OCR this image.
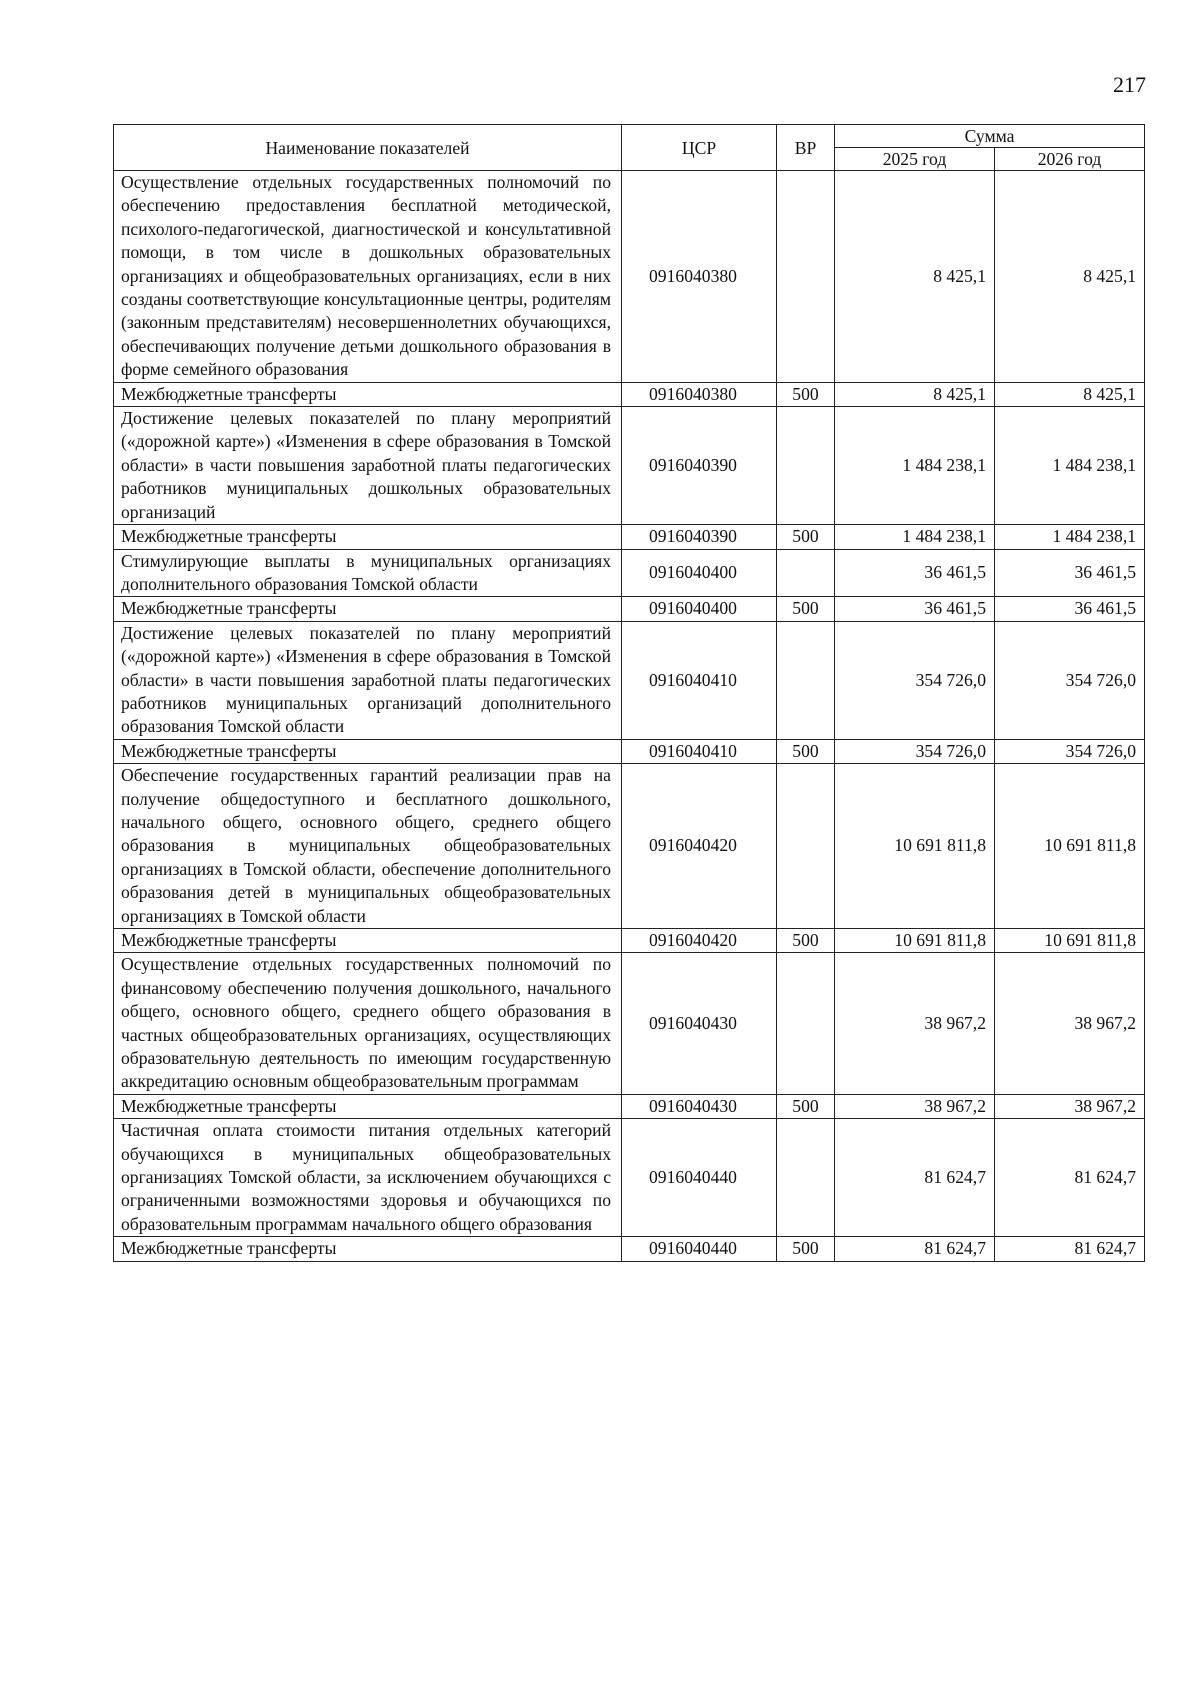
217
Наименование показателей	ЦСР	ВР	Сумма	
			2025 год	2026 год
Осуществление отдельных государственных полномочий по обеспечению предоставления бесплатной методической, психолого-педагогической, диагностической и консультативной помощи, в том числе в дошкольных образовательных организациях и общеобразовательных организациях, если в них созданы соответствующие консультационные центры, родителям (законным представителям) несовершеннолетних обучающихся, обеспечивающих получение детьми дошкольного образования в форме семейного образования	0916040380		8 425,1	8 425,1
Межбюджетные трансферты	0916040380	500	8 425,1	8 425,1
Достижение целевых показателей по плану мероприятий («дорожной карте») «Изменения в сфере образования в Томской области» в части повышения заработной платы педагогических работников муниципальных дошкольных образовательных организаций	0916040390		1 484 238,1	1 484 238,1
Межбюджетные трансферты	0916040390	500	1 484 238,1	1 484 238,1
Стимулирующие выплаты в муниципальных организациях дополнительного образования Томской области	0916040400		36 461,5	36 461,5
Межбюджетные трансферты	0916040400	500	36 461,5	36 461,5
Достижение целевых показателей по плану мероприятий («дорожной карте») «Изменения в сфере образования в Томской области» в части повышения заработной платы педагогических работников муниципальных организаций дополнительного образования Томской области	0916040410		354 726,0	354 726,0
Межбюджетные трансферты	0916040410	500	354 726,0	354 726,0
Обеспечение государственных гарантий реализации прав на получение общедоступного и бесплатного дошкольного, начального общего, основного общего, среднего общего образования в муниципальных общеобразовательных организациях в Томской области, обеспечение дополнительного образования детей в муниципальных общеобразовательных организациях в Томской области	0916040420		10 691 811,8	10 691 811,8
Межбюджетные трансферты	0916040420	500	10 691 811,8	10 691 811,8
Осуществление отдельных государственных полномочий по финансовому обеспечению получения дошкольного, начального общего, основного общего, среднего общего образования в частных общеобразовательных организациях, осуществляющих образовательную деятельность по имеющим государственную аккредитацию основным общеобразовательным программам	0916040430		38 967,2	38 967,2
Межбюджетные трансферты	0916040430	500	38 967,2	38 967,2
Частичная оплата стоимости питания отдельных категорий обучающихся в муниципальных общеобразовательных организациях Томской области, за исключением обучающихся с ограниченными возможностями здоровья и обучающихся по образовательным программам начального общего образования	0916040440		81 624,7	81 624,7
Межбюджетные трансферты	0916040440	500	81 624,7	81 624,7
